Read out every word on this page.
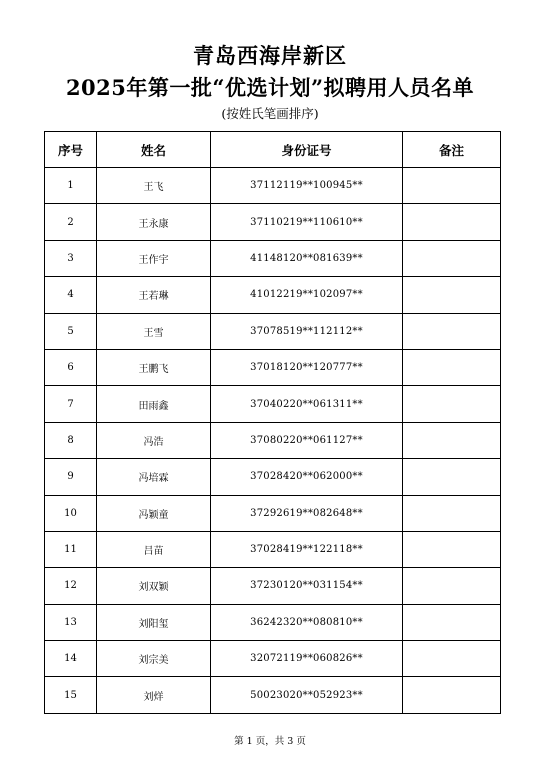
青岛西海岸新区
2025年第一批“优选计划”拟聘用人员名单
(按姓氏笔画排序)
序号	姓名	身份证号	备注
1	王飞	37112119**100945**	
2	王永康	37110219**110610**	
3	王作宇	41148120**081639**	
4	王若琳	41012219**102097**	
5	王雪	37078519**112112**	
6	王鹏飞	37018120**120777**	
7	田雨鑫	37040220**061311**	
8	冯浩	37080220**061127**	
9	冯培霖	37028420**062000**	
10	冯颖童	37292619**082648**	
11	吕苗	37028419**122118**	
12	刘双颖	37230120**031154**	
13	刘阳玺	36242320**080810**	
14	刘宗美	32072119**060826**	
15	刘烊	50023020**052923**	
第 1 页，共 3 页
